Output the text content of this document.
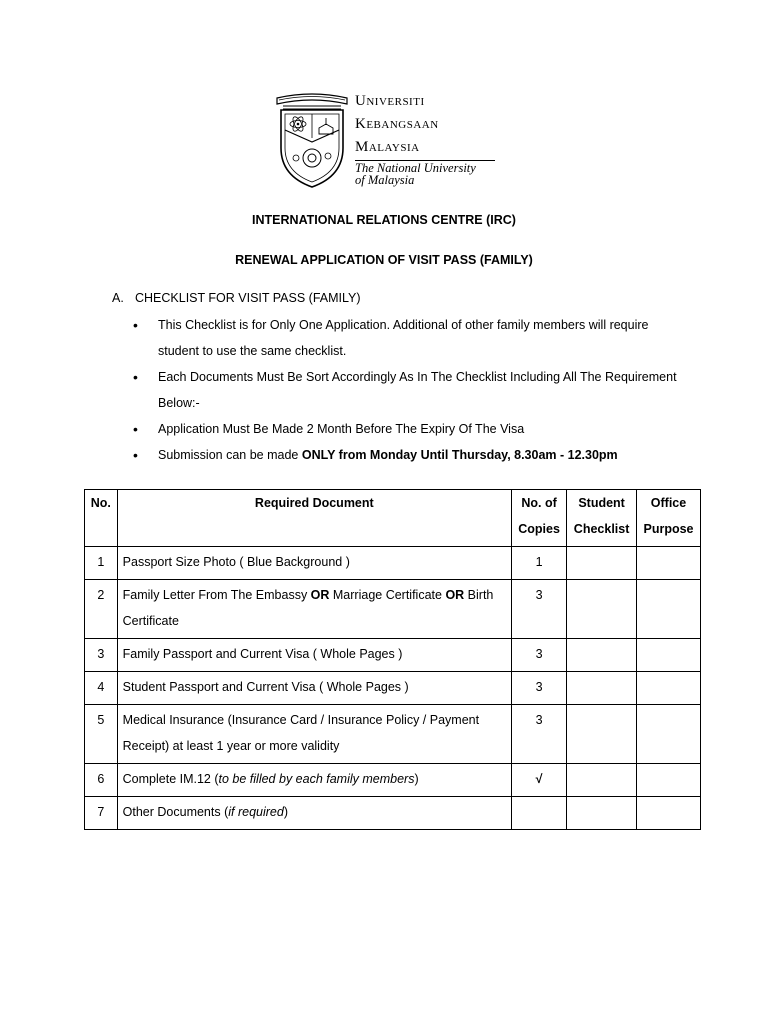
Universiti
Kebangsaan
Malaysia
The National University
of Malaysia
INTERNATIONAL RELATIONS CENTRE (IRC)
RENEWAL APPLICATION OF VISIT PASS (FAMILY)
A. CHECKLIST FOR VISIT PASS (FAMILY)
• This Checklist is for Only One Application. Additional of other family members will require student to use the same checklist.
• Each Documents Must Be Sort Accordingly As In The Checklist Including All The Requirement Below:-
• Application Must Be Made 2 Month Before The Expiry Of The Visa
• Submission can be made ONLY from Monday Until Thursday, 8.30am - 12.30pm
No.	Required Document	No. of Copies	Student Checklist	Office Purpose
1	Passport Size Photo ( Blue Background )	1		
2	Family Letter From The Embassy OR Marriage Certificate OR Birth Certificate	3		
3	Family Passport and Current Visa ( Whole Pages )	3		
4	Student Passport and Current Visa ( Whole Pages )	3		
5	Medical Insurance (Insurance Card / Insurance Policy / Payment Receipt) at least 1 year or more validity	3		
6	Complete IM.12 (to be filled by each family members)	√		
7	Other Documents (if required)			
